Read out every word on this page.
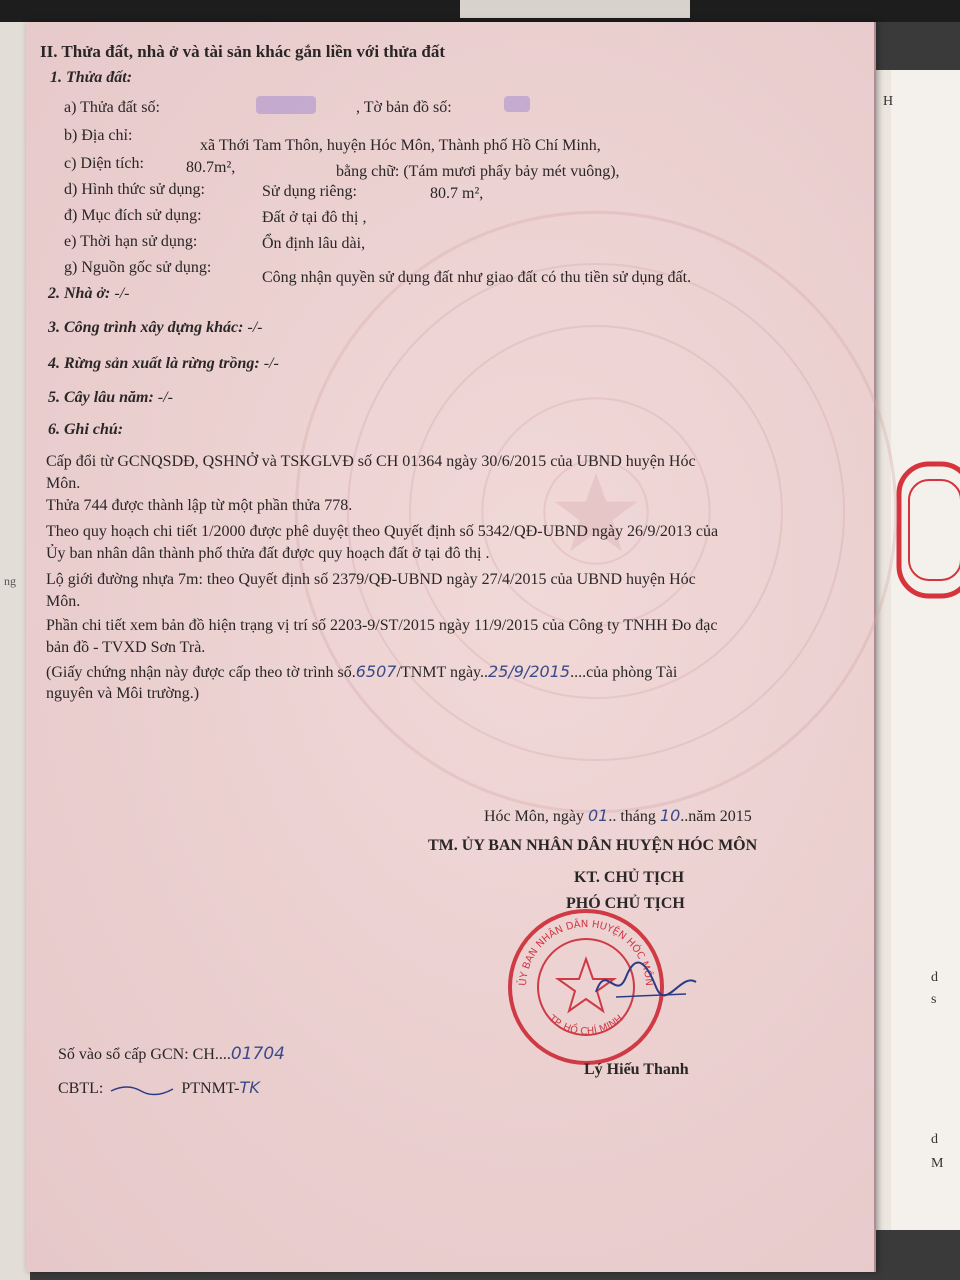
ng
H
d
s
d
M
II. Thửa đất, nhà ở và tài sản khác gắn liền với thửa đất
1. Thửa đất:
a) Thửa đất số:	, Tờ bản đồ số:
b) Địa chỉ:
xã Thới Tam Thôn, huyện Hóc Môn, Thành phố Hồ Chí Minh,
c) Diện tích:	80.7m²,	bằng chữ: (Tám mươi phẩy bảy mét vuông),
d) Hình thức sử dụng:	Sử dụng riêng:	80.7 m²,
đ) Mục đích sử dụng:	Đất ở tại đô thị ,
e) Thời hạn sử dụng:	Ổn định lâu dài,
g) Nguồn gốc sử dụng:
Công nhận quyền sử dụng đất như giao đất có thu tiền sử dụng đất.
2. Nhà ở: -/-
3. Công trình xây dựng khác: -/-
4. Rừng sản xuất là rừng trồng: -/-
5. Cây lâu năm: -/-
6. Ghi chú:
Cấp đổi từ GCNQSDĐ, QSHNỞ và TSKGLVĐ số CH 01364 ngày 30/6/2015 của UBND huyện Hóc
Môn.
Thửa 744 được thành lập từ một phần thửa 778.
Theo quy hoạch chi tiết 1/2000 được phê duyệt theo Quyết định số 5342/QĐ-UBND ngày 26/9/2013 của
Ủy ban nhân dân thành phố thửa đất được quy hoạch đất ở tại đô thị .
Lộ giới đường nhựa 7m: theo Quyết định số 2379/QĐ-UBND ngày 27/4/2015 của UBND huyện Hóc
Môn.
Phần chi tiết xem bản đồ hiện trạng vị trí số 2203-9/ST/2015 ngày 11/9/2015 của Công ty TNHH Đo đạc
bản đồ - TVXD Sơn Trà.
(Giấy chứng nhận này được cấp theo tờ trình số.6507/TNMT ngày..25/9/2015....của phòng Tài
nguyên và Môi trường.)
Hóc Môn, ngày 01.. tháng 10..năm 2015
TM. ỦY BAN NHÂN DÂN HUYỆN HÓC MÔN
KT. CHỦ TỊCH
PHÓ CHỦ TỊCH
ỦY BAN NHÂN DÂN HUYỆN HÓC MÔN
TP. HỒ CHÍ MINH
Lý Hiếu Thanh
Số vào sổ cấp GCN: CH....01704
CBTL:	PTNMT-TK
